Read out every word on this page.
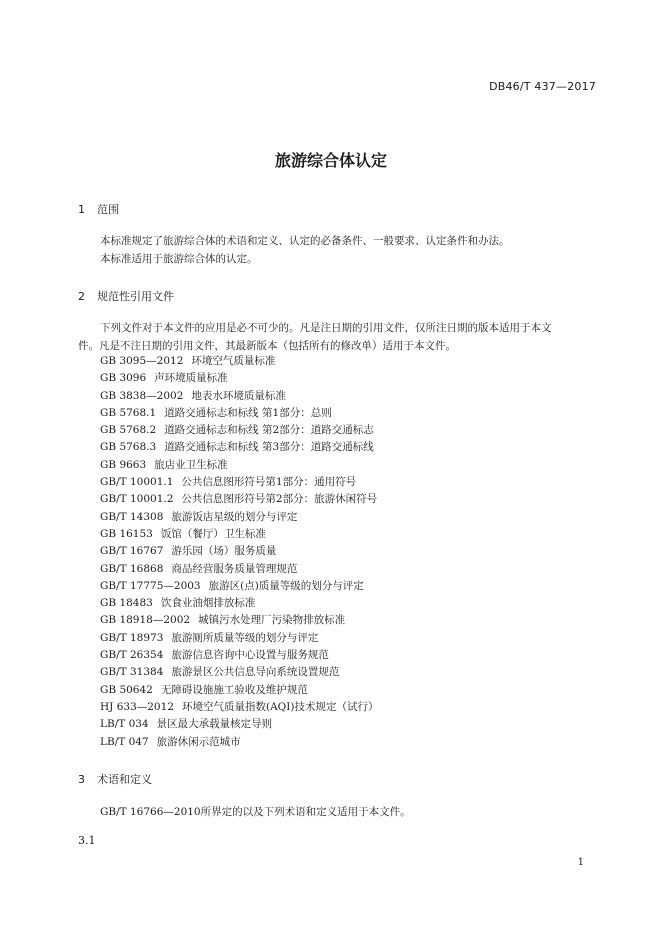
DB46/T 437—2017
旅游综合体认定
1 范围
本标准规定了旅游综合体的术语和定义、认定的必备条件、一般要求、认定条件和办法。
本标准适用于旅游综合体的认定。
2 规范性引用文件
下列文件对于本文件的应用是必不可少的。凡是注日期的引用文件，仅所注日期的版本适用于本文
件。凡是不注日期的引用文件，其最新版本（包括所有的修改单）适用于本文件。
GB 3095—2012 环境空气质量标准
GB 3096 声环境质量标准
GB 3838—2002 地表水环境质量标准
GB 5768.1 道路交通标志和标线 第1部分：总则
GB 5768.2 道路交通标志和标线 第2部分：道路交通标志
GB 5768.3 道路交通标志和标线 第3部分：道路交通标线
GB 9663 旅店业卫生标准
GB/T 10001.1 公共信息图形符号第1部分：通用符号
GB/T 10001.2 公共信息图形符号第2部分：旅游休闲符号
GB/T 14308 旅游饭店星级的划分与评定
GB 16153 饭馆（餐厅）卫生标准
GB/T 16767 游乐园（场）服务质量
GB/T 16868 商品经营服务质量管理规范
GB/T 17775—2003 旅游区(点)质量等级的划分与评定
GB 18483 饮食业油烟排放标准
GB 18918—2002 城镇污水处理厂污染物排放标准
GB/T 18973 旅游厕所质量等级的划分与评定
GB/T 26354 旅游信息咨询中心设置与服务规范
GB/T 31384 旅游景区公共信息导向系统设置规范
GB 50642 无障碍设施施工验收及维护规范
HJ 633—2012 环境空气质量指数(AQI)技术规定（试行）
LB/T 034 景区最大承载量核定导则
LB/T 047 旅游休闲示范城市
3 术语和定义
GB/T 16766—2010所界定的以及下列术语和定义适用于本文件。
3.1
1
